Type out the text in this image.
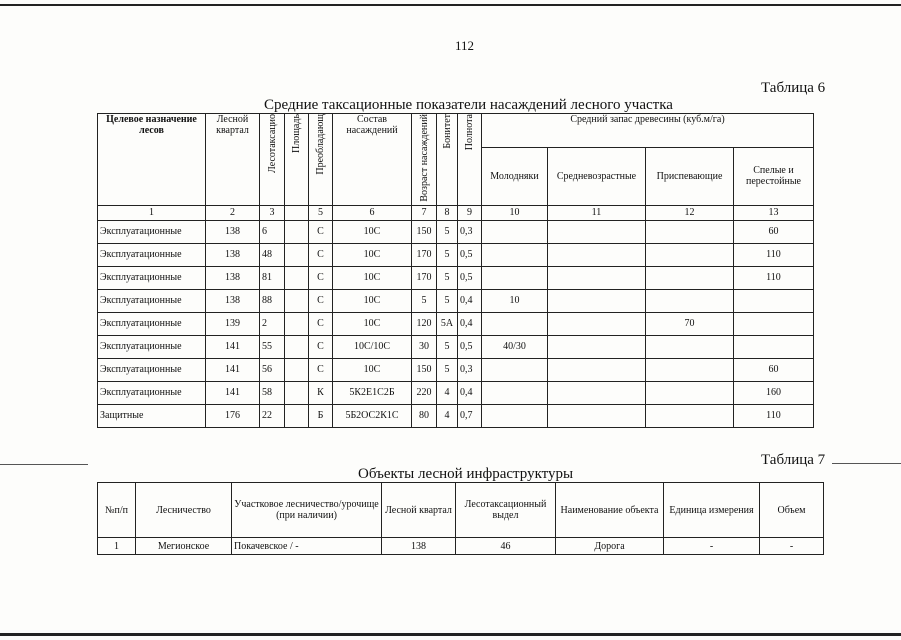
112
Таблица 6
Средние таксационные показатели насаждений лесного участка
Целевое назначение лесов	Лесной квартал	Лесотаксацио	Площадь	Преобладающ	Состав насаждений	Возраст насаждений	Бонитет	Полнота	Средний запас древесины (куб.м/га)			
									Молодняки	Средневозрастные	Приспевающие	Спелые и перестойные
1	2	3		5	6	7	8	9	10	11	12	13
Эксплуатационные	138	6		С	10С	150	5	0,3				60
Эксплуатационные	138	48		С	10С	170	5	0,5				110
Эксплуатационные	138	81		С	10С	170	5	0,5				110
Эксплуатационные	138	88		С	10С	5	5	0,4	10			
Эксплуатационные	139	2		С	10С	120	5А	0,4			70	
Эксплуатационные	141	55		С	10С/10С	30	5	0,5	40/30			
Эксплуатационные	141	56		С	10С	150	5	0,3				60
Эксплуатационные	141	58		К	5К2Е1С2Б	220	4	0,4				160
Защитные	176	22		Б	5Б2ОС2К1С	80	4	0,7				110
Таблица 7
Объекты лесной инфраструктуры
№п/п	Лесничество	Участковое лесничество/урочище (при наличии)	Лесной квартал	Лесотаксационный выдел	Наименование объекта	Единица измерения	Объем
1	Мегионское	Покачевское / -	138	46	Дорога	-	-
